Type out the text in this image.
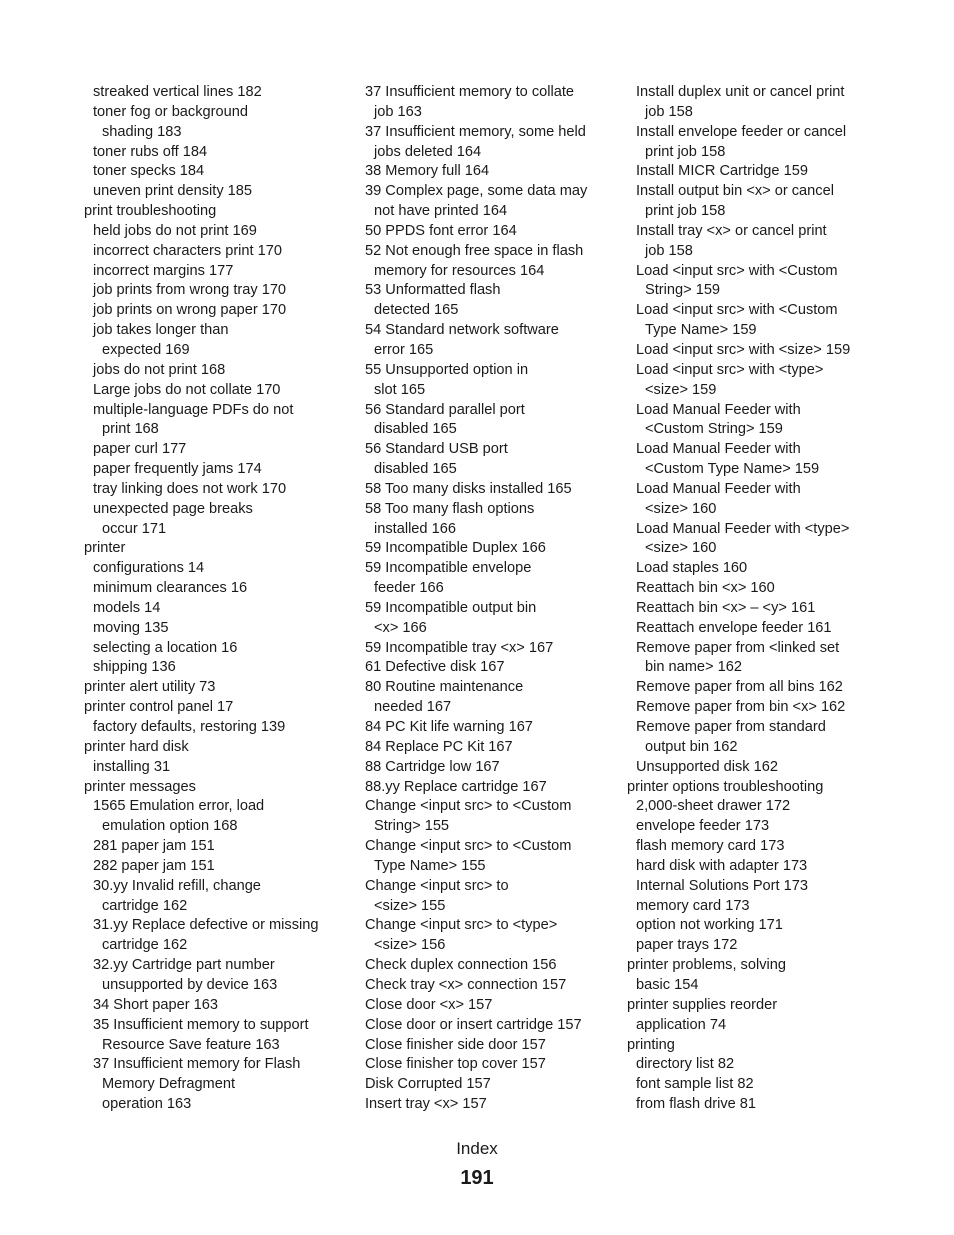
streaked vertical lines 182
toner fog or background
shading 183
toner rubs off 184
toner specks 184
uneven print density 185
print troubleshooting
held jobs do not print 169
incorrect characters print 170
incorrect margins 177
job prints from wrong tray 170
job prints on wrong paper 170
job takes longer than
expected 169
jobs do not print 168
Large jobs do not collate 170
multiple-language PDFs do not
print 168
paper curl 177
paper frequently jams 174
tray linking does not work 170
unexpected page breaks
occur 171
printer
configurations 14
minimum clearances 16
models 14
moving 135
selecting a location 16
shipping 136
printer alert utility 73
printer control panel 17
factory defaults, restoring 139
printer hard disk
installing 31
printer messages
1565 Emulation error, load
emulation option 168
281 paper jam 151
282 paper jam 151
30.yy Invalid refill, change
cartridge 162
31.yy Replace defective or missing
cartridge 162
32.yy Cartridge part number
unsupported by device 163
34 Short paper 163
35 Insufficient memory to support
Resource Save feature 163
37 Insufficient memory for Flash
Memory Defragment
operation 163
37 Insufficient memory to collate
job 163
37 Insufficient memory, some held
jobs deleted 164
38 Memory full 164
39 Complex page, some data may
not have printed 164
50 PPDS font error 164
52 Not enough free space in flash
memory for resources 164
53 Unformatted flash
detected 165
54 Standard network software
error 165
55 Unsupported option in
slot 165
56 Standard parallel port
disabled 165
56 Standard USB port
disabled 165
58 Too many disks installed 165
58 Too many flash options
installed 166
59 Incompatible Duplex 166
59 Incompatible envelope
feeder 166
59 Incompatible output bin
<x> 166
59 Incompatible tray <x> 167
61 Defective disk 167
80 Routine maintenance
needed 167
84 PC Kit life warning 167
84 Replace PC Kit 167
88 Cartridge low 167
88.yy Replace cartridge 167
Change <input src> to <Custom
String> 155
Change <input src> to <Custom
Type Name> 155
Change <input src> to
<size> 155
Change <input src> to <type>
<size> 156
Check duplex connection 156
Check tray <x> connection 157
Close door <x> 157
Close door or insert cartridge 157
Close finisher side door 157
Close finisher top cover 157
Disk Corrupted 157
Insert tray <x> 157
Install duplex unit or cancel print
job 158
Install envelope feeder or cancel
print job 158
Install MICR Cartridge 159
Install output bin <x> or cancel
print job 158
Install tray <x> or cancel print
job 158
Load <input src> with <Custom
String> 159
Load <input src> with <Custom
Type Name> 159
Load <input src> with <size> 159
Load <input src> with <type>
<size> 159
Load Manual Feeder with
<Custom String> 159
Load Manual Feeder with
<Custom Type Name> 159
Load Manual Feeder with
<size> 160
Load Manual Feeder with <type>
<size> 160
Load staples 160
Reattach bin <x> 160
Reattach bin <x> – <y> 161
Reattach envelope feeder 161
Remove paper from <linked set
bin name> 162
Remove paper from all bins 162
Remove paper from bin <x> 162
Remove paper from standard
output bin 162
Unsupported disk 162
printer options troubleshooting
2,000-sheet drawer 172
envelope feeder 173
flash memory card 173
hard disk with adapter 173
Internal Solutions Port 173
memory card 173
option not working 171
paper trays 172
printer problems, solving
basic 154
printer supplies reorder
application 74
printing
directory list 82
font sample list 82
from flash drive 81
Index
191
